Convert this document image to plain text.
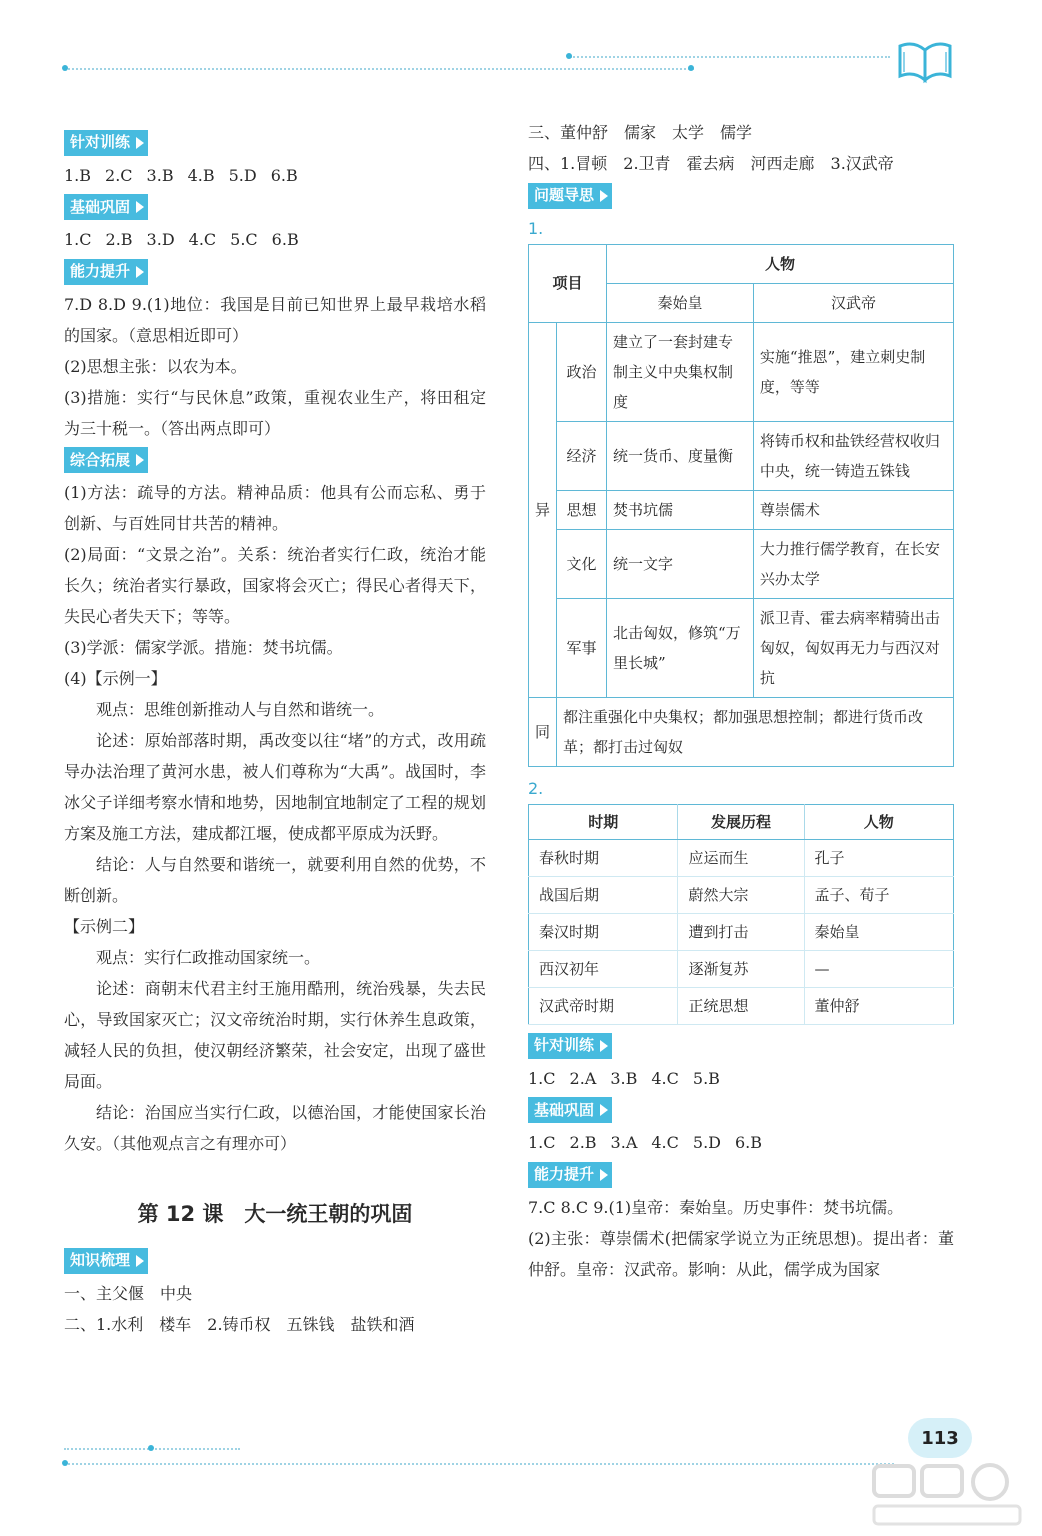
针对训练
1.B 2.C 3.B 4.B 5.D 6.B
基础巩固
1.C 2.B 3.D 4.C 5.C 6.B
能力提升
7.D 8.D 9.(1)地位：我国是目前已知世界上最早栽培水稻的国家。（意思相近即可）
(2)思想主张：以农为本。
(3)措施：实行“与民休息”政策，重视农业生产，将田租定为三十税一。（答出两点即可）
综合拓展
(1)方法：疏导的方法。精神品质：他具有公而忘私、勇于创新、与百姓同甘共苦的精神。
(2)局面：“文景之治”。关系：统治者实行仁政，统治才能长久；统治者实行暴政，国家将会灭亡；得民心者得天下，失民心者失天下；等等。
(3)学派：儒家学派。措施：焚书坑儒。
(4)【示例一】
观点：思维创新推动人与自然和谐统一。
论述：原始部落时期，禹改变以往“堵”的方式，改用疏导办法治理了黄河水患，被人们尊称为“大禹”。战国时，李冰父子详细考察水情和地势，因地制宜地制定了工程的规划方案及施工方法，建成都江堰，使成都平原成为沃野。
结论：人与自然要和谐统一，就要利用自然的优势，不断创新。
【示例二】
观点：实行仁政推动国家统一。
论述：商朝末代君主纣王施用酷刑，统治残暴，失去民心，导致国家灭亡；汉文帝统治时期，实行休养生息政策，减轻人民的负担，使汉朝经济繁荣，社会安定，出现了盛世局面。
结论：治国应当实行仁政，以德治国，才能使国家长治久安。（其他观点言之有理亦可）
第 12 课　大一统王朝的巩固
知识梳理
一、主父偃　中央
二、1.水利　楼车　2.铸币权　五铢钱　盐铁和酒
三、董仲舒　儒家　太学　儒学
四、1.冒顿　2.卫青　霍去病　河西走廊　3.汉武帝
问题导思
1.
项目		人物	
		秦始皇	汉武帝
异	政治	建立了一套封建专制主义中央集权制度	实施“推恩”，建立刺史制度，等等
	经济	统一货币、度量衡	将铸币权和盐铁经营权收归中央，统一铸造五铢钱
	思想	焚书坑儒	尊崇儒术
	文化	统一文字	大力推行儒学教育，在长安兴办太学
	军事	北击匈奴，修筑“万里长城”	派卫青、霍去病率精骑出击匈奴，匈奴再无力与西汉对抗
同	都注重强化中央集权；都加强思想控制；都进行货币改革；都打击过匈奴		
2.
时期	发展历程	人物
春秋时期	应运而生	孔子
战国后期	蔚然大宗	孟子、荀子
秦汉时期	遭到打击	秦始皇
西汉初年	逐渐复苏	—
汉武帝时期	正统思想	董仲舒
针对训练
1.C 2.A 3.B 4.C 5.B
基础巩固
1.C 2.B 3.A 4.C 5.D 6.B
能力提升
7.C 8.C 9.(1)皇帝：秦始皇。历史事件：焚书坑儒。
(2)主张：尊崇儒术(把儒家学说立为正统思想)。提出者：董仲舒。皇帝：汉武帝。影响：从此，儒学成为国家
113
